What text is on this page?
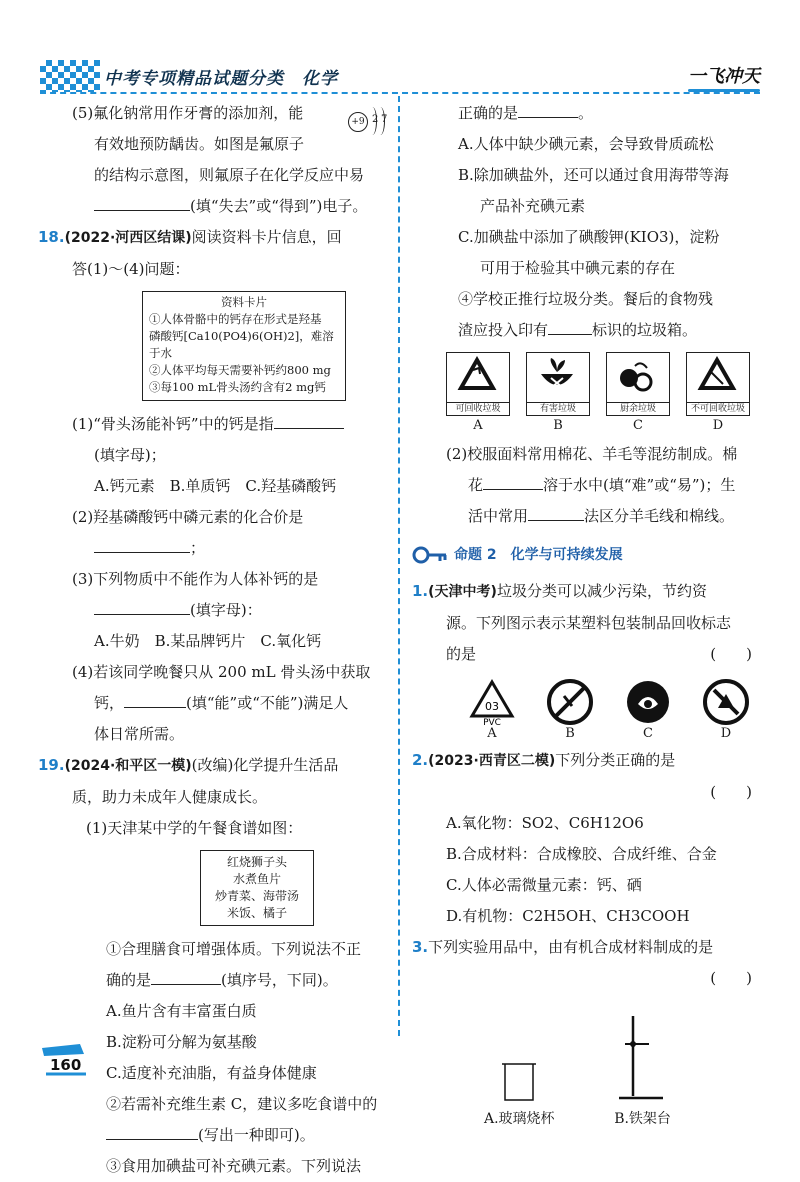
中考专项精品试题分类　化学	一飞冲天
+9 2 7

(5)氟化钠常用作牙膏的添加剂，能

有效地预防龋齿。如图是氟原子

的结构示意图，则氟原子在化学反应中易

(填“失去”或“得到”)电子。

18.(2022·河西区结课)阅读资料卡片信息，回

答(1)～(4)问题：

资料卡片
①人体骨骼中的钙存在形式是羟基
磷酸钙[Ca10(PO4)6(OH)2]，难溶于水
②人体平均每天需要补钙约800 mg
③每100 mL骨头汤约含有2 mg钙

(1)“骨头汤能补钙”中的钙是指

(填字母)；

A.钙元素　B.单质钙　C.羟基磷酸钙

(2)羟基磷酸钙中磷元素的化合价是

；

(3)下列物质中不能作为人体补钙的是

(填字母)：

A.牛奶　B.某品牌钙片　C.氧化钙

(4)若该同学晚餐只从 200 mL 骨头汤中获取

钙，	(填“能”或“不能”)满足人

体日常所需。

19.(2024·和平区一模)(改编)化学提升生活品

质，助力未成年人健康成长。

(1)天津某中学的午餐食谱如图：

红烧狮子头
水煮鱼片
炒青菜、海带汤
米饭、橘子

①合理膳食可增强体质。下列说法不正

确的是	(填序号，下同)。

A.鱼片含有丰富蛋白质

B.淀粉可分解为氨基酸

C.适度补充油脂，有益身体健康

②若需补充维生素 C，建议多吃食谱中的

(写出一种即可)。

③食用加碘盐可补充碘元素。下列说法

正确的是	。

A.人体中缺少碘元素，会导致骨质疏松

B.除加碘盐外，还可以通过食用海带等海

产品补充碘元素

C.加碘盐中添加了碘酸钾(KIO3)，淀粉

可用于检验其中碘元素的存在

④学校正推行垃圾分类。餐后的食物残

渣应投入印有	标识的垃圾箱。

可回收垃圾	有害垃圾	厨余垃圾	不可回收垃圾
A	B	C	D

(2)校服面料常用棉花、羊毛等混纺制成。棉

花	溶于水中(填“难”或“易”)；生

活中常用	法区分羊毛线和棉线。

命题 2　化学与可持续发展

1.(天津中考)垃圾分类可以减少污染，节约资

源。下列图示表示某塑料包装制品回收标志

的是	(　　)

03
PVC
A	B	C	D

2.(2023·西青区二模)下列分类正确的是

(　　)

A.氧化物：SO2、C6H12O6

B.合成材料：合成橡胶、合成纤维、合金

C.人体必需微量元素：钙、硒

D.有机物：C2H5OH、CH3COOH

3.下列实验用品中，由有机合成材料制成的是

(　　)

A.玻璃烧杯	B.铁架台
160
